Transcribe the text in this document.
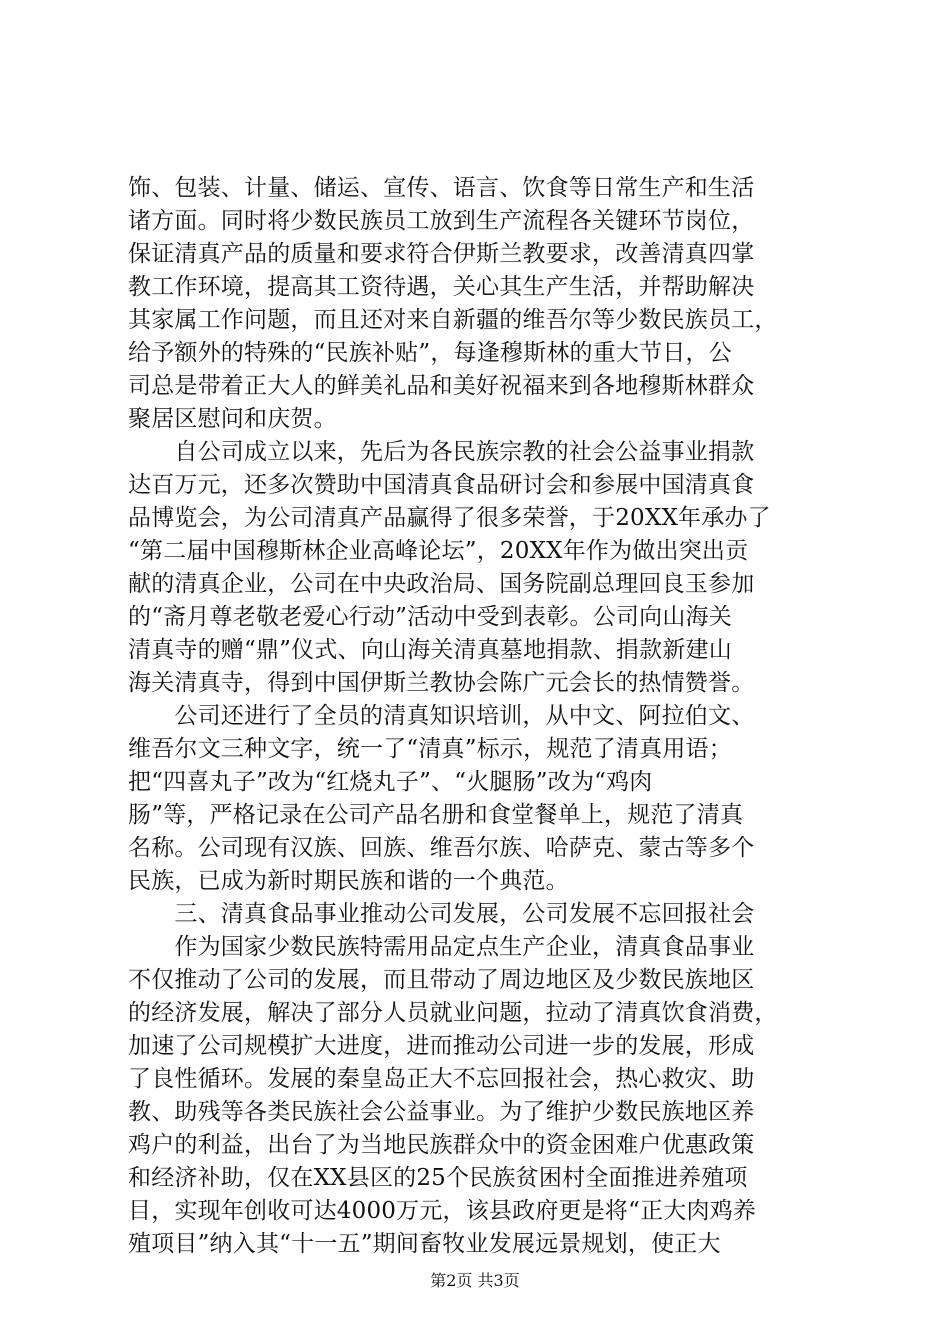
饰、包装、计量、储运、宣传、语言、饮食等日常生产和生活
诸方面。同时将少数民族员工放到生产流程各关键环节岗位，
保证清真产品的质量和要求符合伊斯兰教要求，改善清真四掌
教工作环境，提高其工资待遇，关心其生产生活，并帮助解决
其家属工作问题，而且还对来自新疆的维吾尔等少数民族员工，
给予额外的特殊的“民族补贴”，每逢穆斯林的重大节日，公
司总是带着正大人的鲜美礼品和美好祝福来到各地穆斯林群众
聚居区慰问和庆贺。
　　自公司成立以来，先后为各民族宗教的社会公益事业捐款
达百万元，还多次赞助中国清真食品研讨会和参展中国清真食
品博览会，为公司清真产品赢得了很多荣誉，于20XX年承办了
“第二届中国穆斯林企业高峰论坛”，20XX年作为做出突出贡
献的清真企业，公司在中央政治局、国务院副总理回良玉参加
的“斋月尊老敬老爱心行动”活动中受到表彰。公司向山海关
清真寺的赠“鼎”仪式、向山海关清真墓地捐款、捐款新建山
海关清真寺，得到中国伊斯兰教协会陈广元会长的热情赞誉。
　　公司还进行了全员的清真知识培训，从中文、阿拉伯文、
维吾尔文三种文字，统一了“清真”标示，规范了清真用语；
把“四喜丸子”改为“红烧丸子”、“火腿肠”改为“鸡肉
肠”等，严格记录在公司产品名册和食堂餐单上，规范了清真
名称。公司现有汉族、回族、维吾尔族、哈萨克、蒙古等多个
民族，已成为新时期民族和谐的一个典范。
　　三、清真食品事业推动公司发展，公司发展不忘回报社会
　　作为国家少数民族特需用品定点生产企业，清真食品事业
不仅推动了公司的发展，而且带动了周边地区及少数民族地区
的经济发展，解决了部分人员就业问题，拉动了清真饮食消费，
加速了公司规模扩大进度，进而推动公司进一步的发展，形成
了良性循环。发展的秦皇岛正大不忘回报社会，热心救灾、助
教、助残等各类民族社会公益事业。为了维护少数民族地区养
鸡户的利益，出台了为当地民族群众中的资金困难户优惠政策
和经济补助，仅在XX县区的25个民族贫困村全面推进养殖项
目，实现年创收可达4000万元，该县政府更是将“正大肉鸡养
殖项目”纳入其“十一五”期间畜牧业发展远景规划，使正大
第2页 共3页
